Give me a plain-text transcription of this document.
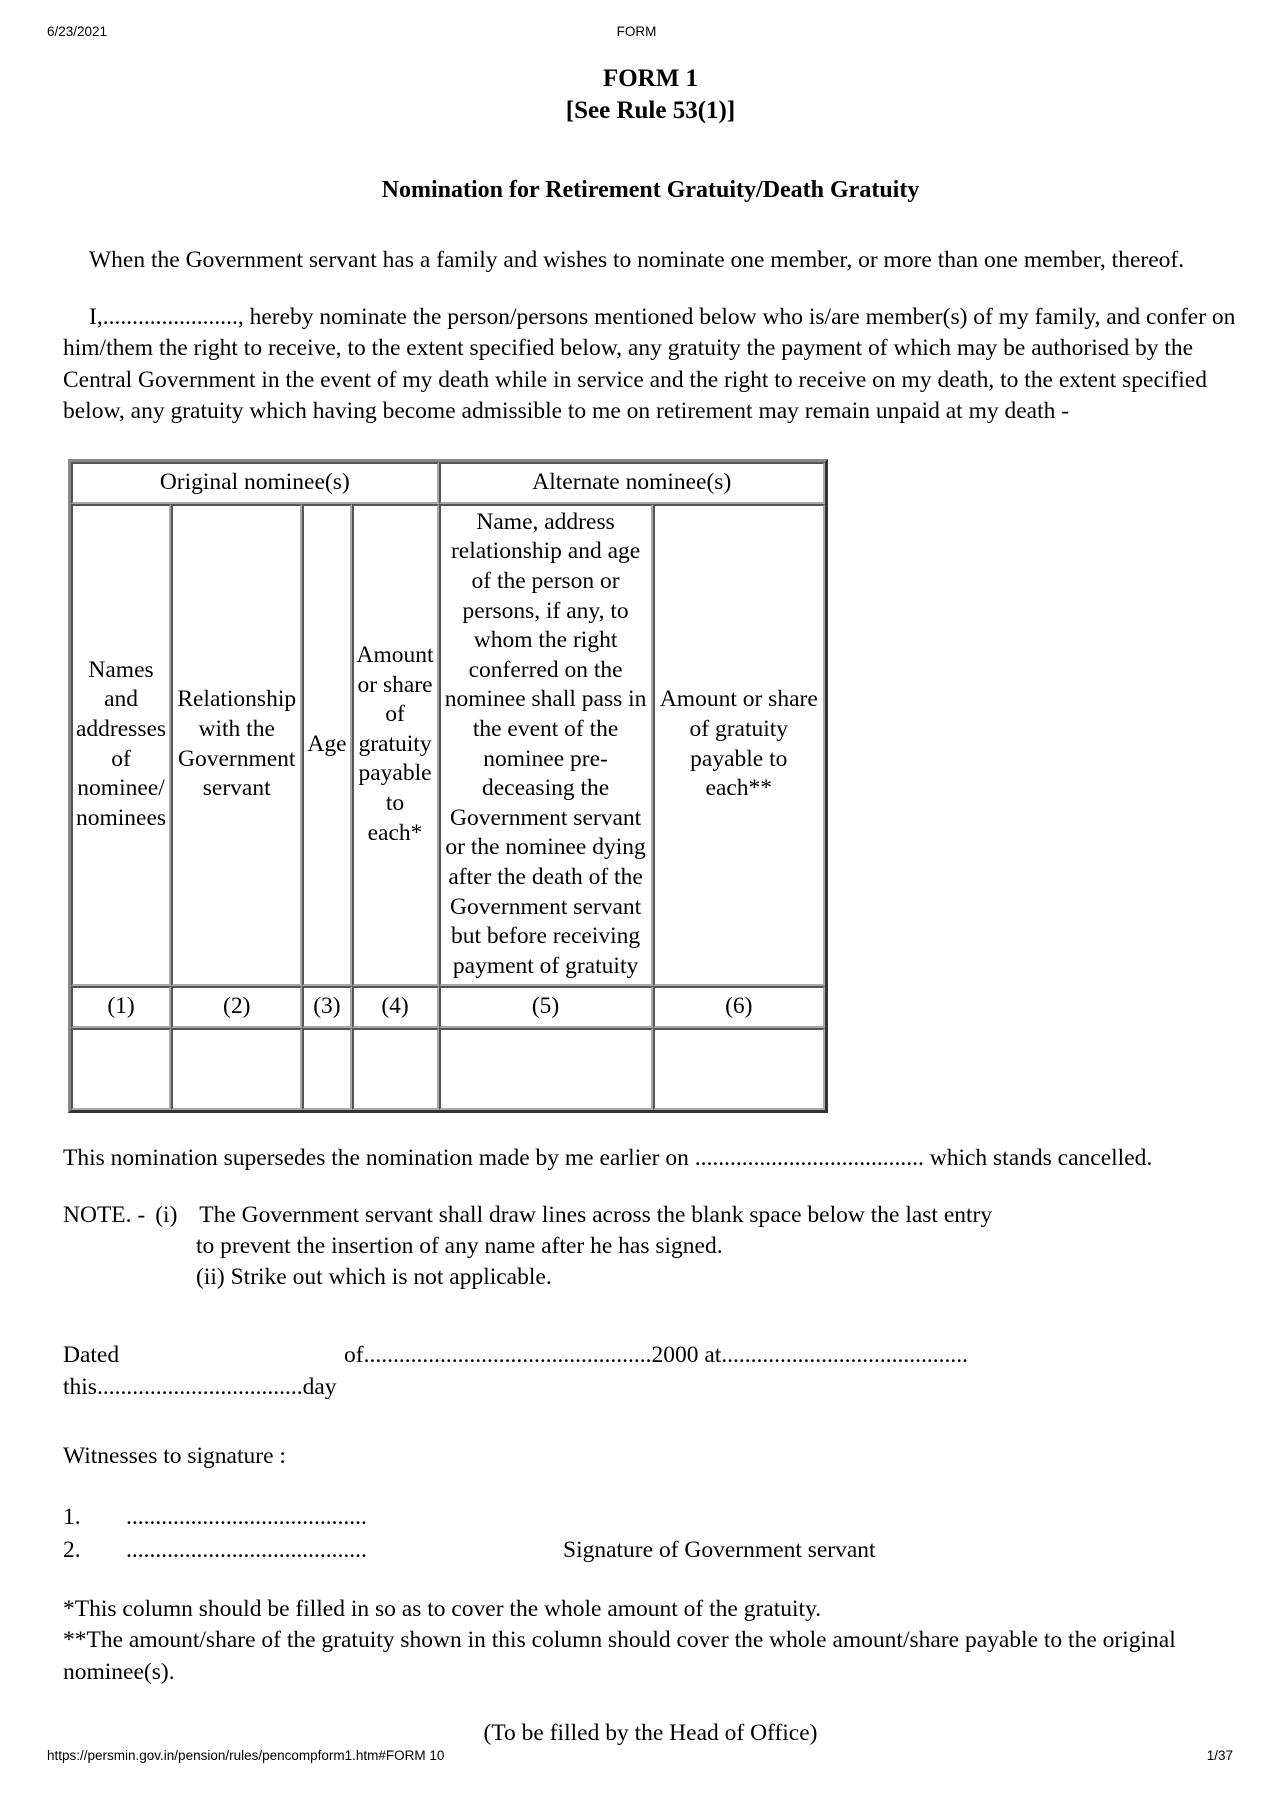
6/23/2021	FORM
FORM 1
[See Rule 53(1)]
Nomination for Retirement Gratuity/Death Gratuity

When the Government servant has a family and wishes to nominate one member, or more than one member, thereof.

I,......................., hereby nominate the person/persons mentioned below who is/are member(s) of my family, and confer on him/them the right to receive, to the extent specified below, any gratuity the payment of which may be authorised by the Central Government in the event of my death while in service and the right to receive on my death, to the extent specified below, any gratuity which having become admissible to me on retirement may remain unpaid at my death -

Original nominee(s)				Alternate nominee(s)	
Names and addresses of nominee/ nominees	Relationship with the Government servant	Age	Amount or share of gratuity payable to each*	Name, address relationship and age of the person or persons, if any, to whom the right conferred on the nominee shall pass in the event of the nominee pre-deceasing the Government servant or the nominee dying after the death of the Government servant but before receiving payment of gratuity	Amount or share of gratuity payable to each**
(1)	(2)	(3)	(4)	(5)	(6)

This nomination supersedes the nomination made by me earlier on ....................................... which stands cancelled.

NOTE. - (i) The Government servant shall draw lines across the blank space below the last entry
to prevent the insertion of any name after he has signed.
(ii) Strike out which is not applicable.
Dated	of.................................................2000 at..........................................
this...................................day
Witnesses to signature :
1. .........................................
2. .........................................	Signature of Government servant
*This column should be filled in so as to cover the whole amount of the gratuity.
**The amount/share of the gratuity shown in this column should cover the whole amount/share payable to the original nominee(s).
(To be filled by the Head of Office)
https://persmin.gov.in/pension/rules/pencompform1.htm#FORM 10	1/37
